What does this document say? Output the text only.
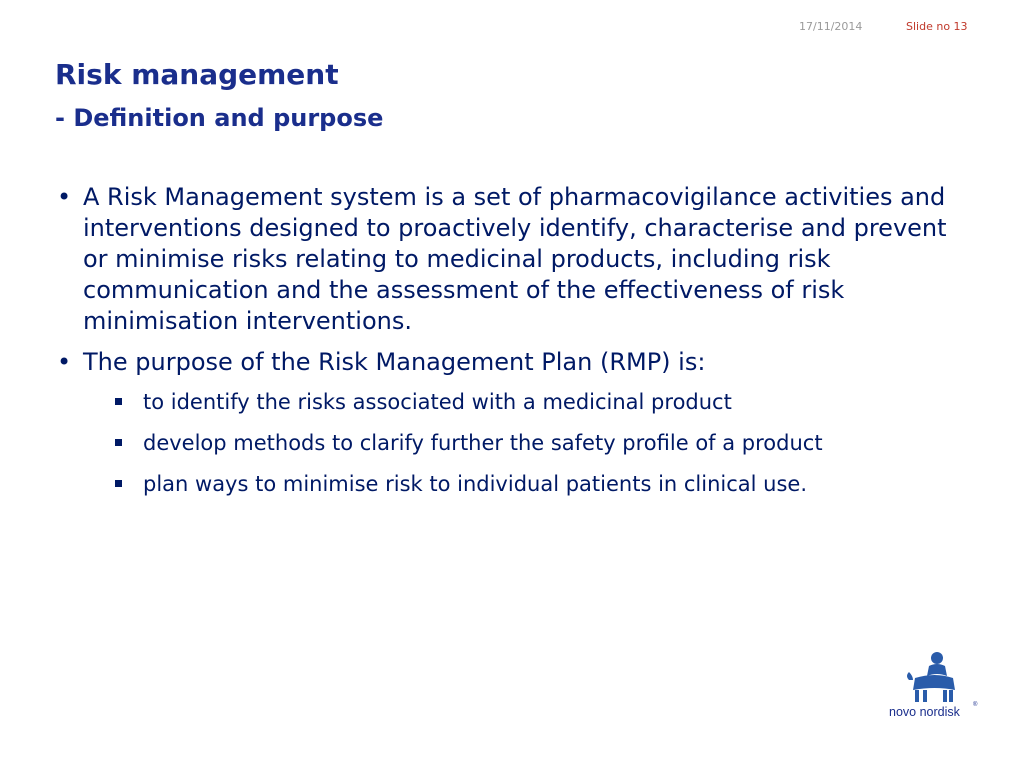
17/11/2014	Slide no 13
Risk management
- Definition and purpose
• A Risk Management system is a set of pharmacovigilance activities and interventions designed to proactively identify, characterise and prevent or minimise risks relating to medicinal products, including risk communication and the assessment of the effectiveness of risk minimisation interventions.
• The purpose of the Risk Management Plan (RMP) is:
to identify the risks associated with a medicinal product
develop methods to clarify further the safety profile of a product
plan ways to minimise risk to individual patients in clinical use.
novo nordisk ®
